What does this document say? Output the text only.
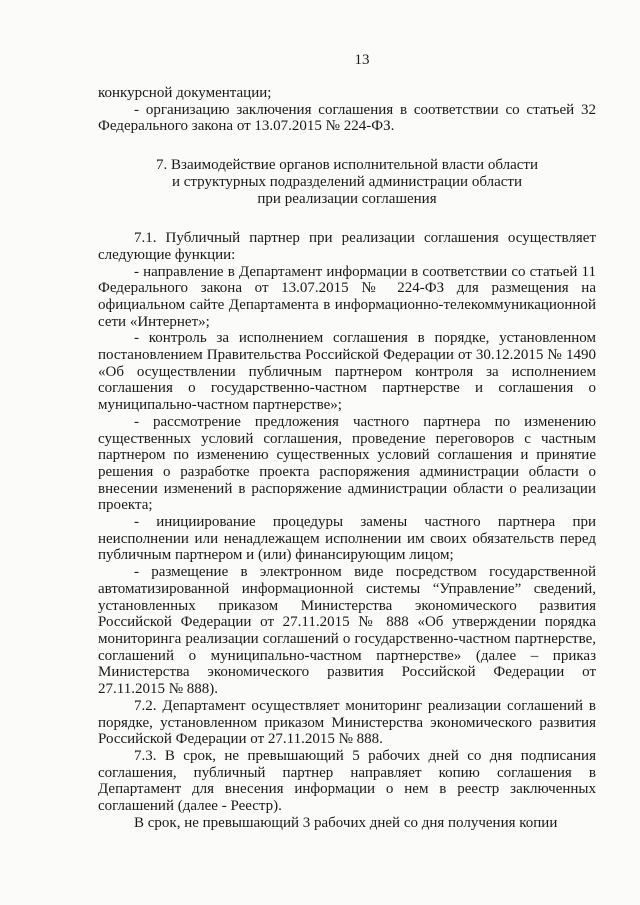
13

конкурсной документации;

- организацию заключения соглашения в соответствии со статьей 32 Федерального закона от 13.07.2015 № 224-ФЗ.

7. Взаимодействие органов исполнительной власти области
и структурных подразделений администрации области
при реализации соглашения

7.1. Публичный партнер при реализации соглашения осуществляет следующие функции:

- направление в Департамент информации в соответствии со статьей 11 Федерального закона от 13.07.2015 № 224-ФЗ для размещения на официальном сайте Департамента в информационно-телекоммуникационной сети «Интернет»;

- контроль за исполнением соглашения в порядке, установленном постановлением Правительства Российской Федерации от 30.12.2015 № 1490 «Об осуществлении публичным партнером контроля за исполнением соглашения о государственно-частном партнерстве и соглашения о муниципально-частном партнерстве»;

- рассмотрение предложения частного партнера по изменению существенных условий соглашения, проведение переговоров с частным партнером по изменению существенных условий соглашения и принятие решения о разработке проекта распоряжения администрации области о внесении изменений в распоряжение администрации области о реализации проекта;

- инициирование процедуры замены частного партнера при неисполнении или ненадлежащем исполнении им своих обязательств перед публичным партнером и (или) финансирующим лицом;

- размещение в электронном виде посредством государственной автоматизированной информационной системы “Управление” сведений, установленных приказом Министерства экономического развития Российской Федерации от 27.11.2015 № 888 «Об утверждении порядка мониторинга реализации соглашений о государственно-частном партнерстве, соглашений о муниципально-частном партнерстве» (далее – приказ Министерства экономического развития Российской Федерации от 27.11.2015 № 888).

7.2. Департамент осуществляет мониторинг реализации соглашений в порядке, установленном приказом Министерства экономического развития Российской Федерации от 27.11.2015 № 888.

7.3. В срок, не превышающий 5 рабочих дней со дня подписания соглашения, публичный партнер направляет копию соглашения в Департамент для внесения информации о нем в реестр заключенных соглашений (далее - Реестр).

В срок, не превышающий 3 рабочих дней со дня получения копии
